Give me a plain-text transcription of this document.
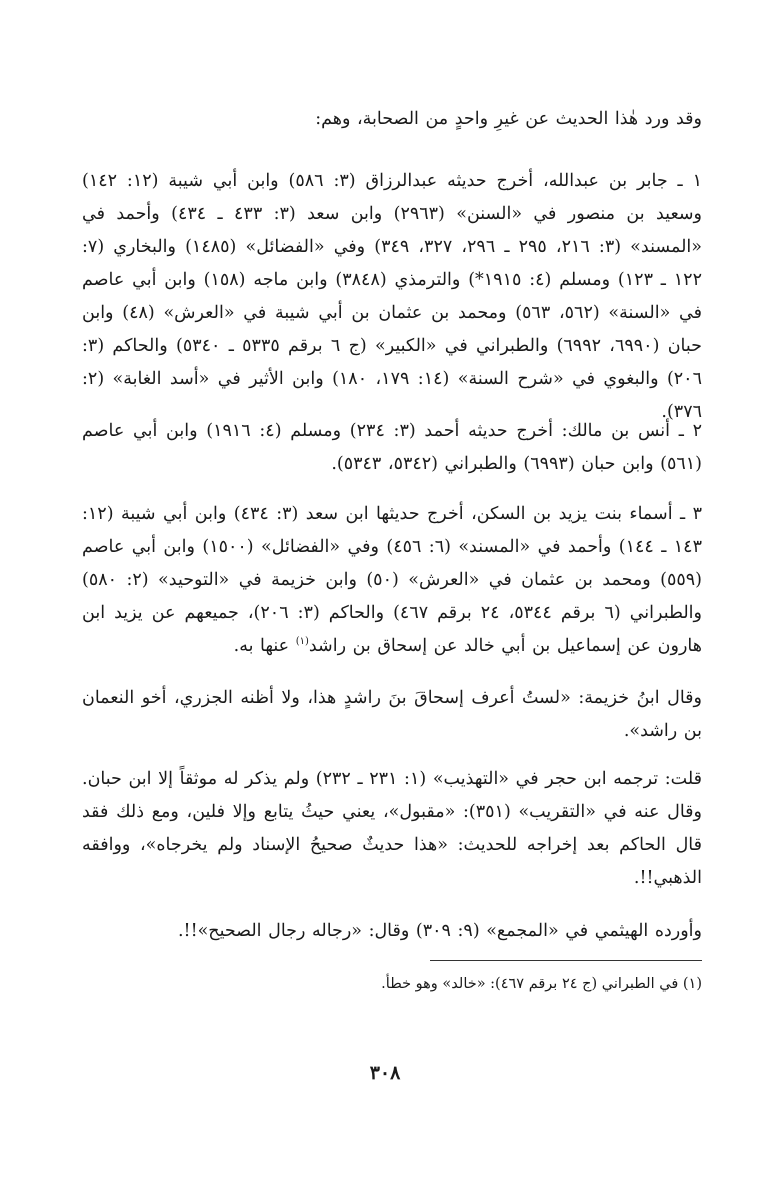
وقد ورد هٰذا الحديث عن غيرِ واحدٍ من الصحابة، وهم:

١ ـ جابر بن عبدالله، أخرج حديثه عبدالرزاق (٣: ٥٨٦) وابن أبي شيبة (١٢: ١٤٢) وسعيد بن منصور في «السنن» (٢٩٦٣) وابن سعد (٣: ٤٣٣ ـ ٤٣٤) وأحمد في «المسند» (٣: ٢١٦، ٢٩٥ ـ ٢٩٦، ٣٢٧، ٣٤٩) وفي «الفضائل» (١٤٨٥) والبخاري (٧: ١٢٢ ـ ١٢٣) ومسلم (٤: ١٩١٥*) والترمذي (٣٨٤٨) وابن ماجه (١٥٨) وابن أبي عاصم في «السنة» (٥٦٢، ٥٦٣) ومحمد بن عثمان بن أبي شيبة في «العرش» (٤٨) وابن حبان (٦٩٩٠، ٦٩٩٢) والطبراني في «الكبير» (ج ٦ برقم ٥٣٣٥ ـ ٥٣٤٠) والحاكم (٣: ٢٠٦) والبغوي في «شرح السنة» (١٤: ١٧٩، ١٨٠) وابن الأثير في «أسد الغابة» (٢: ٣٧٦).

٢ ـ أنس بن مالك: أخرج حديثه أحمد (٣: ٢٣٤) ومسلم (٤: ١٩١٦) وابن أبي عاصم (٥٦١) وابن حبان (٦٩٩٣) والطبراني (٥٣٤٢، ٥٣٤٣).

٣ ـ أسماء بنت يزيد بن السكن، أخرج حديثها ابن سعد (٣: ٤٣٤) وابن أبي شيبة (١٢: ١٤٣ ـ ١٤٤) وأحمد في «المسند» (٦: ٤٥٦) وفي «الفضائل» (١٥٠٠) وابن أبي عاصم (٥٥٩) ومحمد بن عثمان في «العرش» (٥٠) وابن خزيمة في «التوحيد» (٢: ٥٨٠) والطبراني (٦ برقم ٥٣٤٤، ٢٤ برقم ٤٦٧) والحاكم (٣: ٢٠٦)، جميعهم عن يزيد ابن هارون عن إسماعيل بن أبي خالد عن إسحاق بن راشد$^{(١)}$ عنها به.

وقال ابنُ خزيمة: «لستُ أعرف إسحاقَ بنَ راشدٍ هذا، ولا أظنه الجزري، أخو النعمان بن راشد».

قلت: ترجمه ابن حجر في «التهذيب» (١: ٢٣١ ـ ٢٣٢) ولم يذكر له موثقاً إلا ابن حبان. وقال عنه في «التقريب» (٣٥١): «مقبول»، يعني حيثُ يتابع وإلا فلين، ومع ذلك فقد قال الحاكم بعد إخراجه للحديث: «هذا حديثٌ صحيحُ الإسناد ولم يخرجاه»، ووافقه الذهبي!!.

وأورده الهيثمي في «المجمع» (٩: ٣٠٩) وقال: «رجاله رجال الصحيح»!!.

(١) في الطبراني (ج ٢٤ برقم ٤٦٧): «خالد» وهو خطأ.

٣٠٨
